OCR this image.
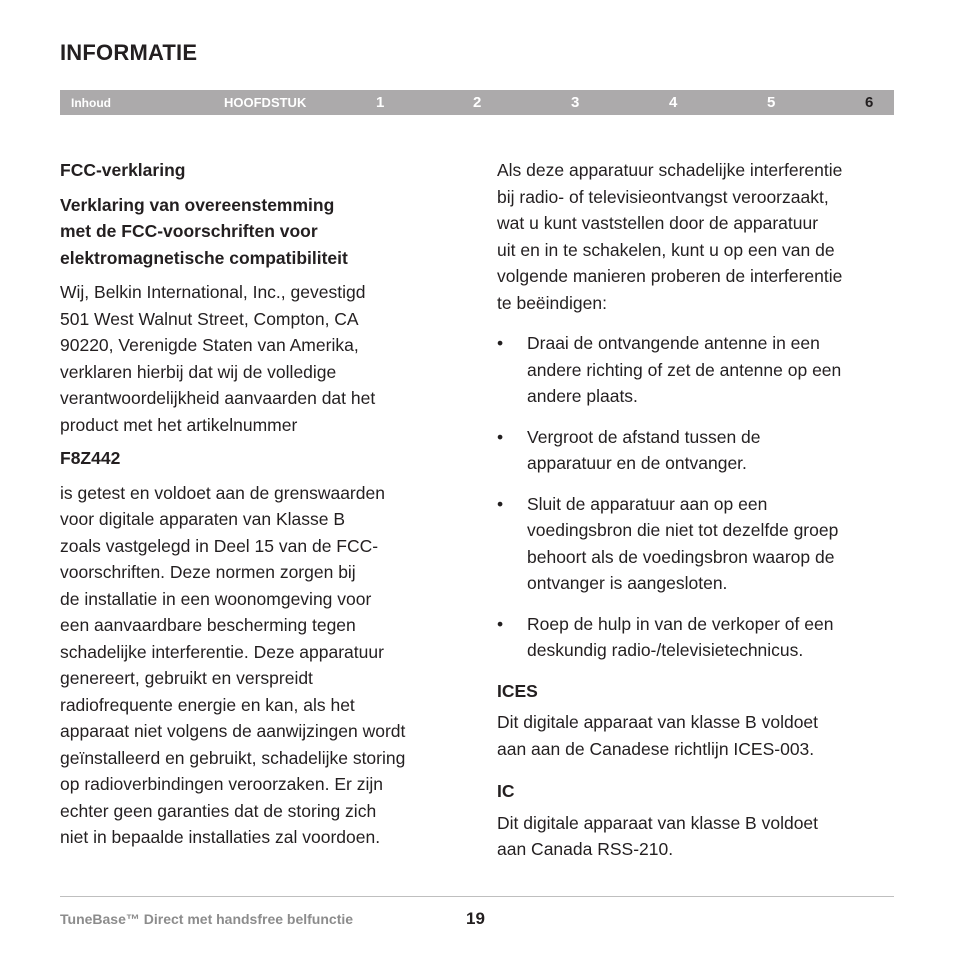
INFORMATIE
Inhoud	HOOFDSTUK	1	2	3	4	5	6

FCC-verklaring

Verklaring van overeenstemming
met de FCC-voorschriften voor
elektromagnetische compatibiliteit

Wij, Belkin International, Inc., gevestigd
501 West Walnut Street, Compton, CA
90220, Verenigde Staten van Amerika,
verklaren hierbij dat wij de volledige
verantwoordelijkheid aanvaarden dat het
product met het artikelnummer

F8Z442

is getest en voldoet aan de grenswaarden
voor digitale apparaten van Klasse B
zoals vastgelegd in Deel 15 van de FCC-
voorschriften. Deze normen zorgen bij
de installatie in een woonomgeving voor
een aanvaardbare bescherming tegen
schadelijke interferentie. Deze apparatuur
genereert, gebruikt en verspreidt
radiofrequente energie en kan, als het
apparaat niet volgens de aanwijzingen wordt
geïnstalleerd en gebruikt, schadelijke storing
op radioverbindingen veroorzaken. Er zijn
echter geen garanties dat de storing zich
niet in bepaalde installaties zal voordoen.

Als deze apparatuur schadelijke interferentie
bij radio- of televisieontvangst veroorzaakt,
wat u kunt vaststellen door de apparatuur
uit en in te schakelen, kunt u op een van de
volgende manieren proberen de interferentie
te beëindigen:

• Draai de ontvangende antenne in een
andere richting of zet de antenne op een
andere plaats.
• Vergroot de afstand tussen de
apparatuur en de ontvanger.
• Sluit de apparatuur aan op een
voedingsbron die niet tot dezelfde groep
behoort als de voedingsbron waarop de
ontvanger is aangesloten.
• Roep de hulp in van de verkoper of een
deskundig radio-/televisietechnicus.

ICES

Dit digitale apparaat van klasse B voldoet
aan aan de Canadese richtlijn ICES-003.

IC

Dit digitale apparaat van klasse B voldoet
aan Canada RSS-210.

TuneBase™ Direct met handsfree belfunctie	19
